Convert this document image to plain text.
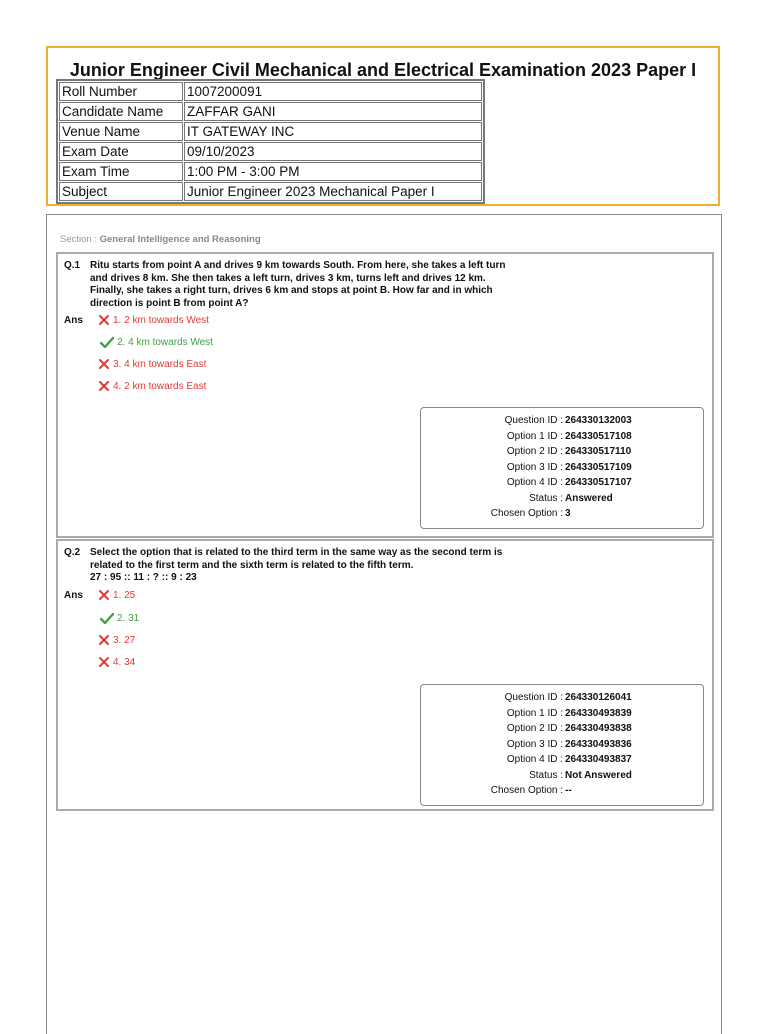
Junior Engineer Civil Mechanical and Electrical Examination 2023 Paper I
Roll Number	1007200091
Candidate Name	ZAFFAR GANI
Venue Name	IT GATEWAY INC
Exam Date	09/10/2023
Exam Time	1:00 PM - 3:00 PM
Subject	Junior Engineer 2023 Mechanical Paper I
Section : General Intelligence and Reasoning
Q.1 Ritu starts from point A and drives 9 km towards South. From here, she takes a left turn and drives 8 km. She then takes a left turn, drives 3 km, turns left and drives 12 km. Finally, she takes a right turn, drives 6 km and stops at point B. How far and in which direction is point B from point A?
Ans	1. 2 km towards West
2. 4 km towards West
3. 4 km towards East
4. 2 km towards East
Question ID : 264330132003
Option 1 ID : 264330517108
Option 2 ID : 264330517110
Option 3 ID : 264330517109
Option 4 ID : 264330517107
Status : Answered
Chosen Option : 3
Q.2 Select the option that is related to the third term in the same way as the second term is
related to the first term and the sixth term is related to the fifth term.
27 : 95 :: 11 : ? :: 9 : 23
Ans	1. 25
2. 31
3. 27
4. 34
Question ID : 264330126041
Option 1 ID : 264330493839
Option 2 ID : 264330493838
Option 3 ID : 264330493836
Option 4 ID : 264330493837
Status : Not Answered
Chosen Option : --
